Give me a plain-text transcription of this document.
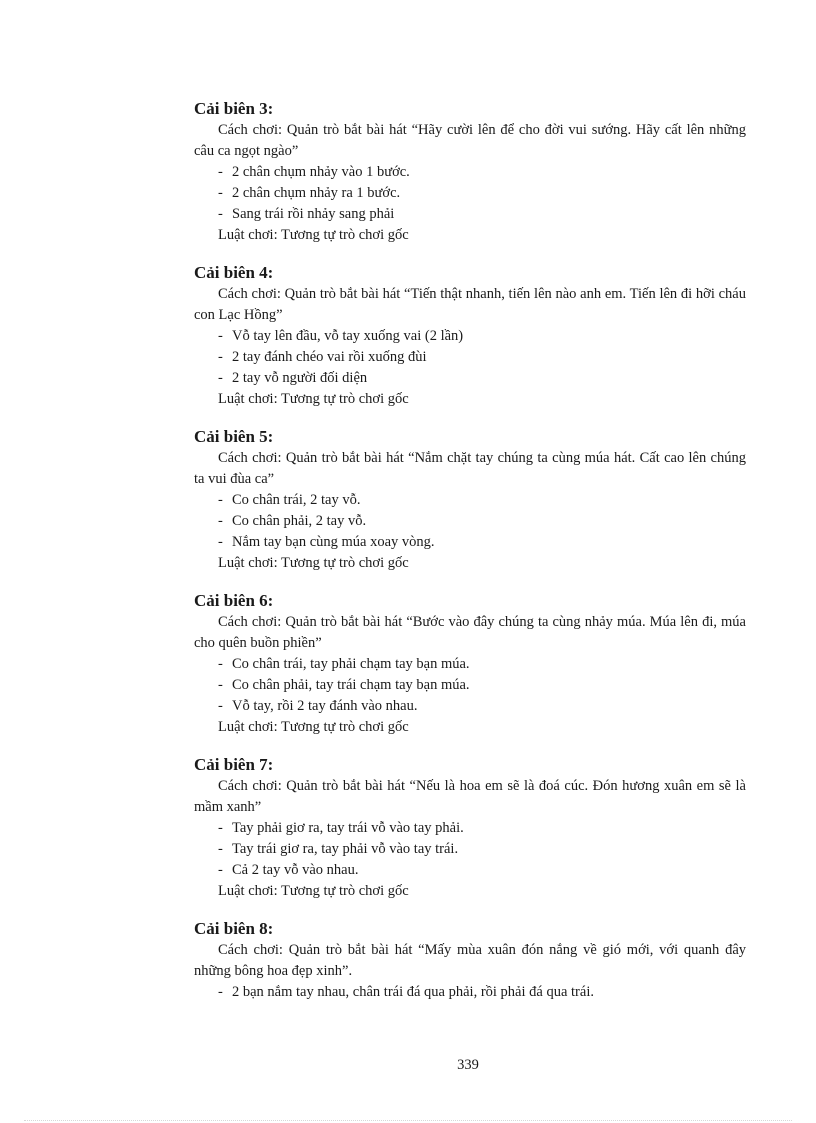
Cải biên 3:

Cách chơi: Quản trò bắt bài hát “Hãy cười lên để cho đời vui sướng. Hãy cất lên những câu ca ngọt ngào”

- 2 chân chụm nhảy vào 1 bước.
- 2 chân chụm nhảy ra 1 bước.
- Sang trái rồi nhảy sang phải

Luật chơi: Tương tự trò chơi gốc

Cải biên 4:

Cách chơi: Quản trò bắt bài hát “Tiến thật nhanh, tiến lên nào anh em. Tiến lên đi hỡi cháu con Lạc Hồng”

- Vỗ tay lên đầu, vỗ tay xuống vai (2 lần)
- 2 tay đánh chéo vai rồi xuống đùi
- 2 tay vỗ người đối diện

Luật chơi: Tương tự trò chơi gốc

Cải biên 5:

Cách chơi: Quản trò bắt bài hát “Nắm chặt tay chúng ta cùng múa hát. Cất cao lên chúng ta vui đùa ca”

- Co chân trái, 2 tay vỗ.
- Co chân phải, 2 tay vỗ.
- Nắm tay bạn cùng múa xoay vòng.

Luật chơi: Tương tự trò chơi gốc

Cải biên 6:

Cách chơi: Quản trò bắt bài hát “Bước vào đây chúng ta cùng nhảy múa. Múa lên đi, múa cho quên buồn phiền”

- Co chân trái, tay phải chạm tay bạn múa.
- Co chân phải, tay trái chạm tay bạn múa.
- Vỗ tay, rồi 2 tay đánh vào nhau.

Luật chơi: Tương tự trò chơi gốc

Cải biên 7:

Cách chơi: Quản trò bắt bài hát “Nếu là hoa em sẽ là đoá cúc. Đón hương xuân em sẽ là mầm xanh”

- Tay phải giơ ra, tay trái vỗ vào tay phải.
- Tay trái giơ ra, tay phải vỗ vào tay trái.
- Cả 2 tay vỗ vào nhau.

Luật chơi: Tương tự trò chơi gốc

Cải biên 8:

Cách chơi: Quản trò bắt bài hát “Mấy mùa xuân đón nắng về gió mới, với quanh đây những bông hoa đẹp xinh”.

- 2 bạn nắm tay nhau, chân trái đá qua phải, rồi phải đá qua trái.
339
